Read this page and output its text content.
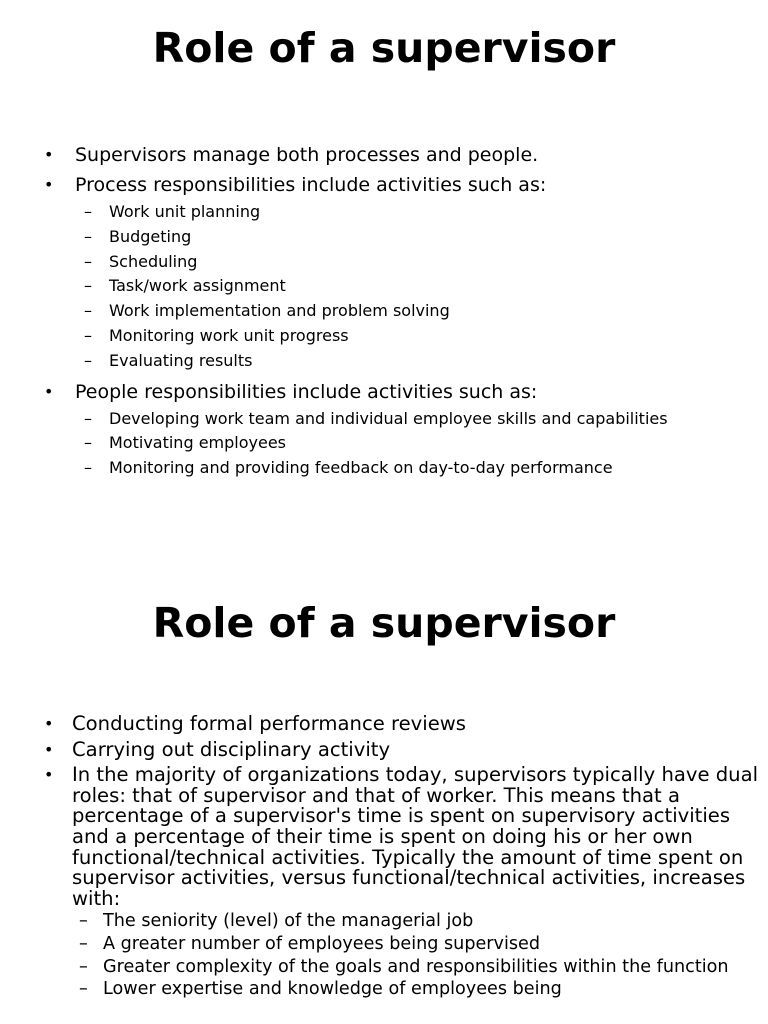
Role of a supervisor
• Supervisors manage both processes and people.
• Process responsibilities include activities such as:
– Work unit planning
– Budgeting
– Scheduling
– Task/work assignment
– Work implementation and problem solving
– Monitoring work unit progress
– Evaluating results
• People responsibilities include activities such as:
– Developing work team and individual employee skills and capabilities
– Motivating employees
– Monitoring and providing feedback on day-to-day performance
Role of a supervisor
• Conducting formal performance reviews
• Carrying out disciplinary activity
• In the majority of organizations today, supervisors typically have dual roles: that of supervisor and that of worker. This means that a percentage of a supervisor's time is spent on supervisory activities and a percentage of their time is spent on doing his or her own functional/technical activities. Typically the amount of time spent on supervisor activities, versus functional/technical activities, increases with:
– The seniority (level) of the managerial job
– A greater number of employees being supervised
– Greater complexity of the goals and responsibilities within the function
– Lower expertise and knowledge of employees being
